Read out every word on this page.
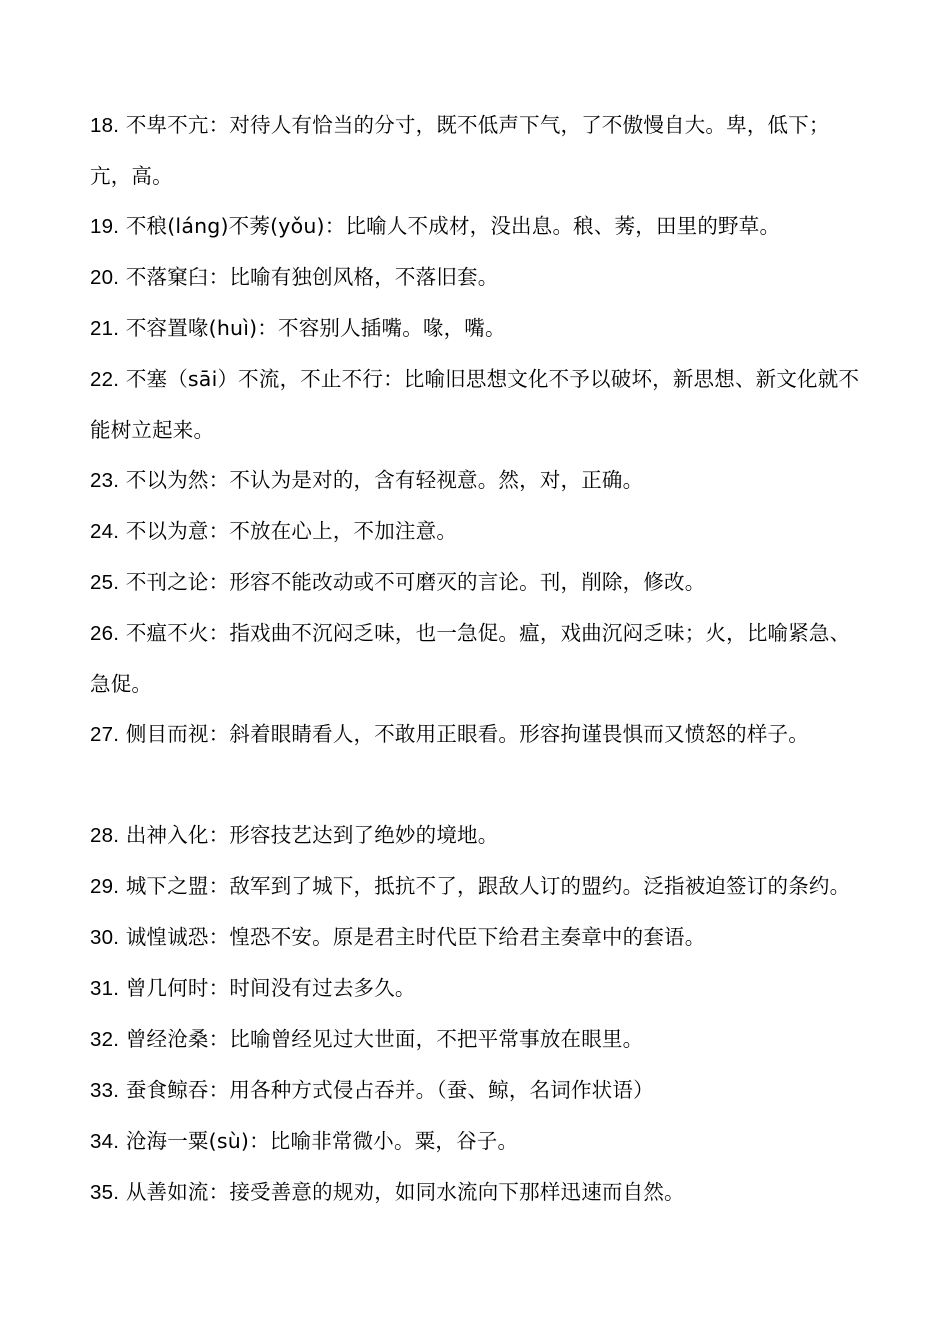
18. 不卑不亢：对待人有恰当的分寸，既不低声下气，了不傲慢自大。卑，低下；亢，高。
19. 不稂(láng)不莠(yǒu)：比喻人不成材，没出息。稂、莠，田里的野草。
20. 不落窠臼：比喻有独创风格，不落旧套。
21. 不容置喙(huì)：不容别人插嘴。喙，嘴。
22. 不塞（sāi）不流，不止不行：比喻旧思想文化不予以破坏，新思想、新文化就不能树立起来。
23. 不以为然：不认为是对的，含有轻视意。然，对，正确。
24. 不以为意：不放在心上，不加注意。
25. 不刊之论：形容不能改动或不可磨灭的言论。刊，削除，修改。
26. 不瘟不火：指戏曲不沉闷乏味，也一急促。瘟，戏曲沉闷乏味；火，比喻紧急、急促。
27. 侧目而视：斜着眼睛看人，不敢用正眼看。形容拘谨畏惧而又愤怒的样子。
28. 出神入化：形容技艺达到了绝妙的境地。
29. 城下之盟：敌军到了城下，抵抗不了，跟敌人订的盟约。泛指被迫签订的条约。
30. 诚惶诚恐：惶恐不安。原是君主时代臣下给君主奏章中的套语。
31. 曾几何时：时间没有过去多久。
32. 曾经沧桑：比喻曾经见过大世面，不把平常事放在眼里。
33. 蚕食鲸吞：用各种方式侵占吞并。（蚕、鲸，名词作状语）
34. 沧海一粟(sù)：比喻非常微小。粟，谷子。
35. 从善如流：接受善意的规劝，如同水流向下那样迅速而自然。
